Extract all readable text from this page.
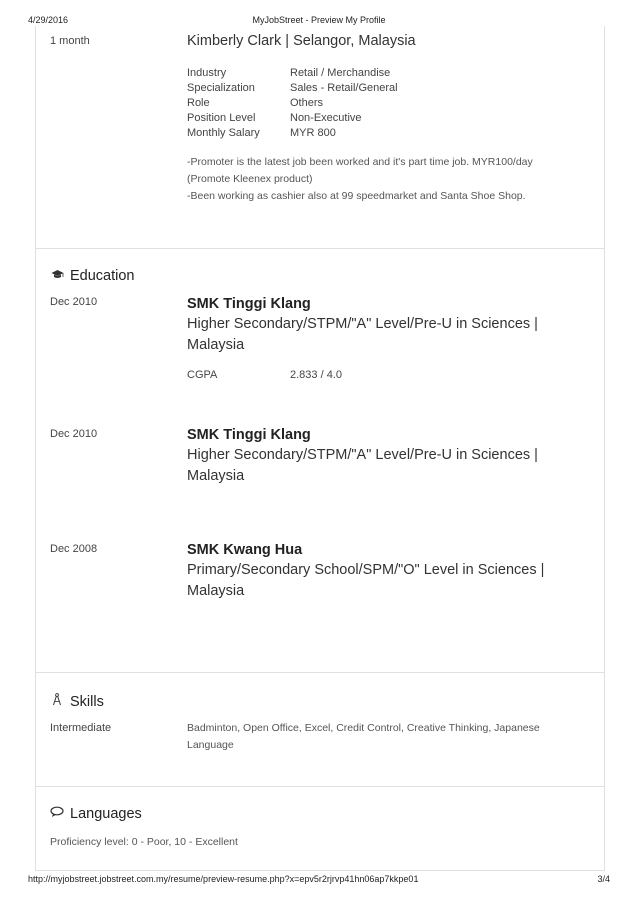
4/29/2016	MyJobStreet - Preview My Profile
1 month	Kimberly Clark | Selangor, Malaysia
Industry	Retail / Merchandise
Specialization	Sales - Retail/General
Role	Others
Position Level	Non-Executive
Monthly Salary	MYR 800
-Promoter is the latest job been worked and it's part time job. MYR100/day
(Promote Kleenex product)
-Been working as cashier also at 99 speedmarket and Santa Shoe Shop.
Education
Dec 2010	SMK Tinggi Klang
Higher Secondary/STPM/"A" Level/Pre-U in Sciences |
Malaysia
CGPA	2.833 / 4.0
Dec 2010	SMK Tinggi Klang
Higher Secondary/STPM/"A" Level/Pre-U in Sciences |
Malaysia
Dec 2008	SMK Kwang Hua
Primary/Secondary School/SPM/"O" Level in Sciences |
Malaysia
Skills
Intermediate	Badminton, Open Office, Excel, Credit Control, Creative Thinking, Japanese
Language
Languages
Proficiency level: 0 - Poor, 10 - Excellent
http://myjobstreet.jobstreet.com.my/resume/preview-resume.php?x=epv5r2rjrvp41hn06ap7kkpe01	3/4
